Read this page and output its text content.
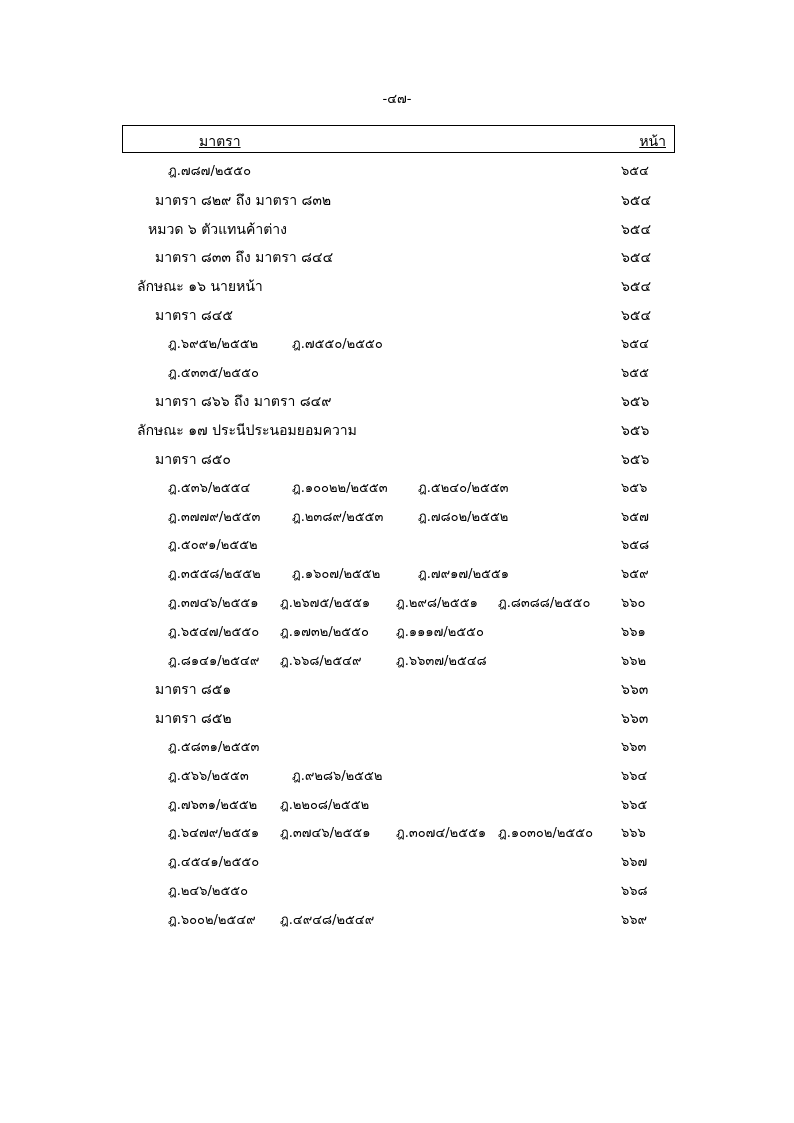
-๔๗-
มาตรา	หน้า
ฎ.๗๘๗/๒๕๕๐	๖๕๔
มาตรา ๘๒๙ ถึง มาตรา ๘๓๒	๖๕๔
หมวด ๖ ตัวแทนค้าต่าง	๖๕๔
มาตรา ๘๓๓ ถึง มาตรา ๘๔๔	๖๕๔
ลักษณะ ๑๖ นายหน้า	๖๕๔
มาตรา ๘๔๕	๖๕๔
ฎ.๖๙๕๒/๒๕๕๒	ฎ.๗๕๕๐/๒๕๕๐	๖๕๔
ฎ.๕๓๓๕/๒๕๕๐	๖๕๕
มาตรา ๘๖๖ ถึง มาตรา ๘๔๙	๖๕๖
ลักษณะ ๑๗ ประนีประนอมยอมความ	๖๕๖
มาตรา ๘๕๐	๖๕๖
ฎ.๕๓๖/๒๕๕๔	ฎ.๑๐๐๒๒/๒๕๕๓ ฎ.๕๒๔๐/๒๕๕๓	๖๕๖
ฎ.๓๗๗๙/๒๕๕๓ ฎ.๒๓๘๙/๒๕๕๓	ฎ.๗๘๐๒/๒๕๕๒	๖๕๗
ฎ.๕๐๙๑/๒๕๕๒	๖๕๘
ฎ.๓๕๕๘/๒๕๕๒ ฎ.๑๖๐๗/๒๕๕๒	ฎ.๗๙๑๗/๒๕๕๑	๖๕๙
ฎ.๓๗๔๖/๒๕๕๑ ฎ.๒๖๗๕/๒๕๕๑ ฎ.๒๙๘/๒๕๕๑ ฎ.๘๓๘๘/๒๕๕๐ ๖๖๐
ฎ.๖๕๔๗/๒๕๕๐ ฎ.๑๗๓๒/๒๕๕๐ ฎ.๑๑๑๗/๒๕๕๐	๖๖๑
ฎ.๘๑๔๑/๒๕๔๙ ฎ.๖๖๘/๒๕๔๙	ฎ.๖๖๓๗/๒๕๔๘	๖๖๒
มาตรา ๘๕๑	๖๖๓
มาตรา ๘๕๒	๖๖๓
ฎ.๕๘๓๑/๒๕๕๓	๖๖๓
ฎ.๕๖๖/๒๕๕๓	ฎ.๙๒๘๖/๒๕๕๒	๖๖๔
ฎ.๗๖๓๑/๒๕๕๒ ฎ.๒๒๐๘/๒๕๕๒	๖๖๕
ฎ.๖๔๗๙/๒๕๕๑ ฎ.๓๗๔๖/๒๕๕๑ ฎ.๓๐๗๔/๒๕๕๑ ฎ.๑๐๓๐๒/๒๕๕๐ ๖๖๖
ฎ.๔๕๔๑/๒๕๕๐	๖๖๗
ฎ.๒๔๖/๒๕๕๐	๖๖๘
ฎ.๖๐๐๒/๒๕๔๙ ฎ.๔๙๔๘/๒๕๔๙	๖๖๙
